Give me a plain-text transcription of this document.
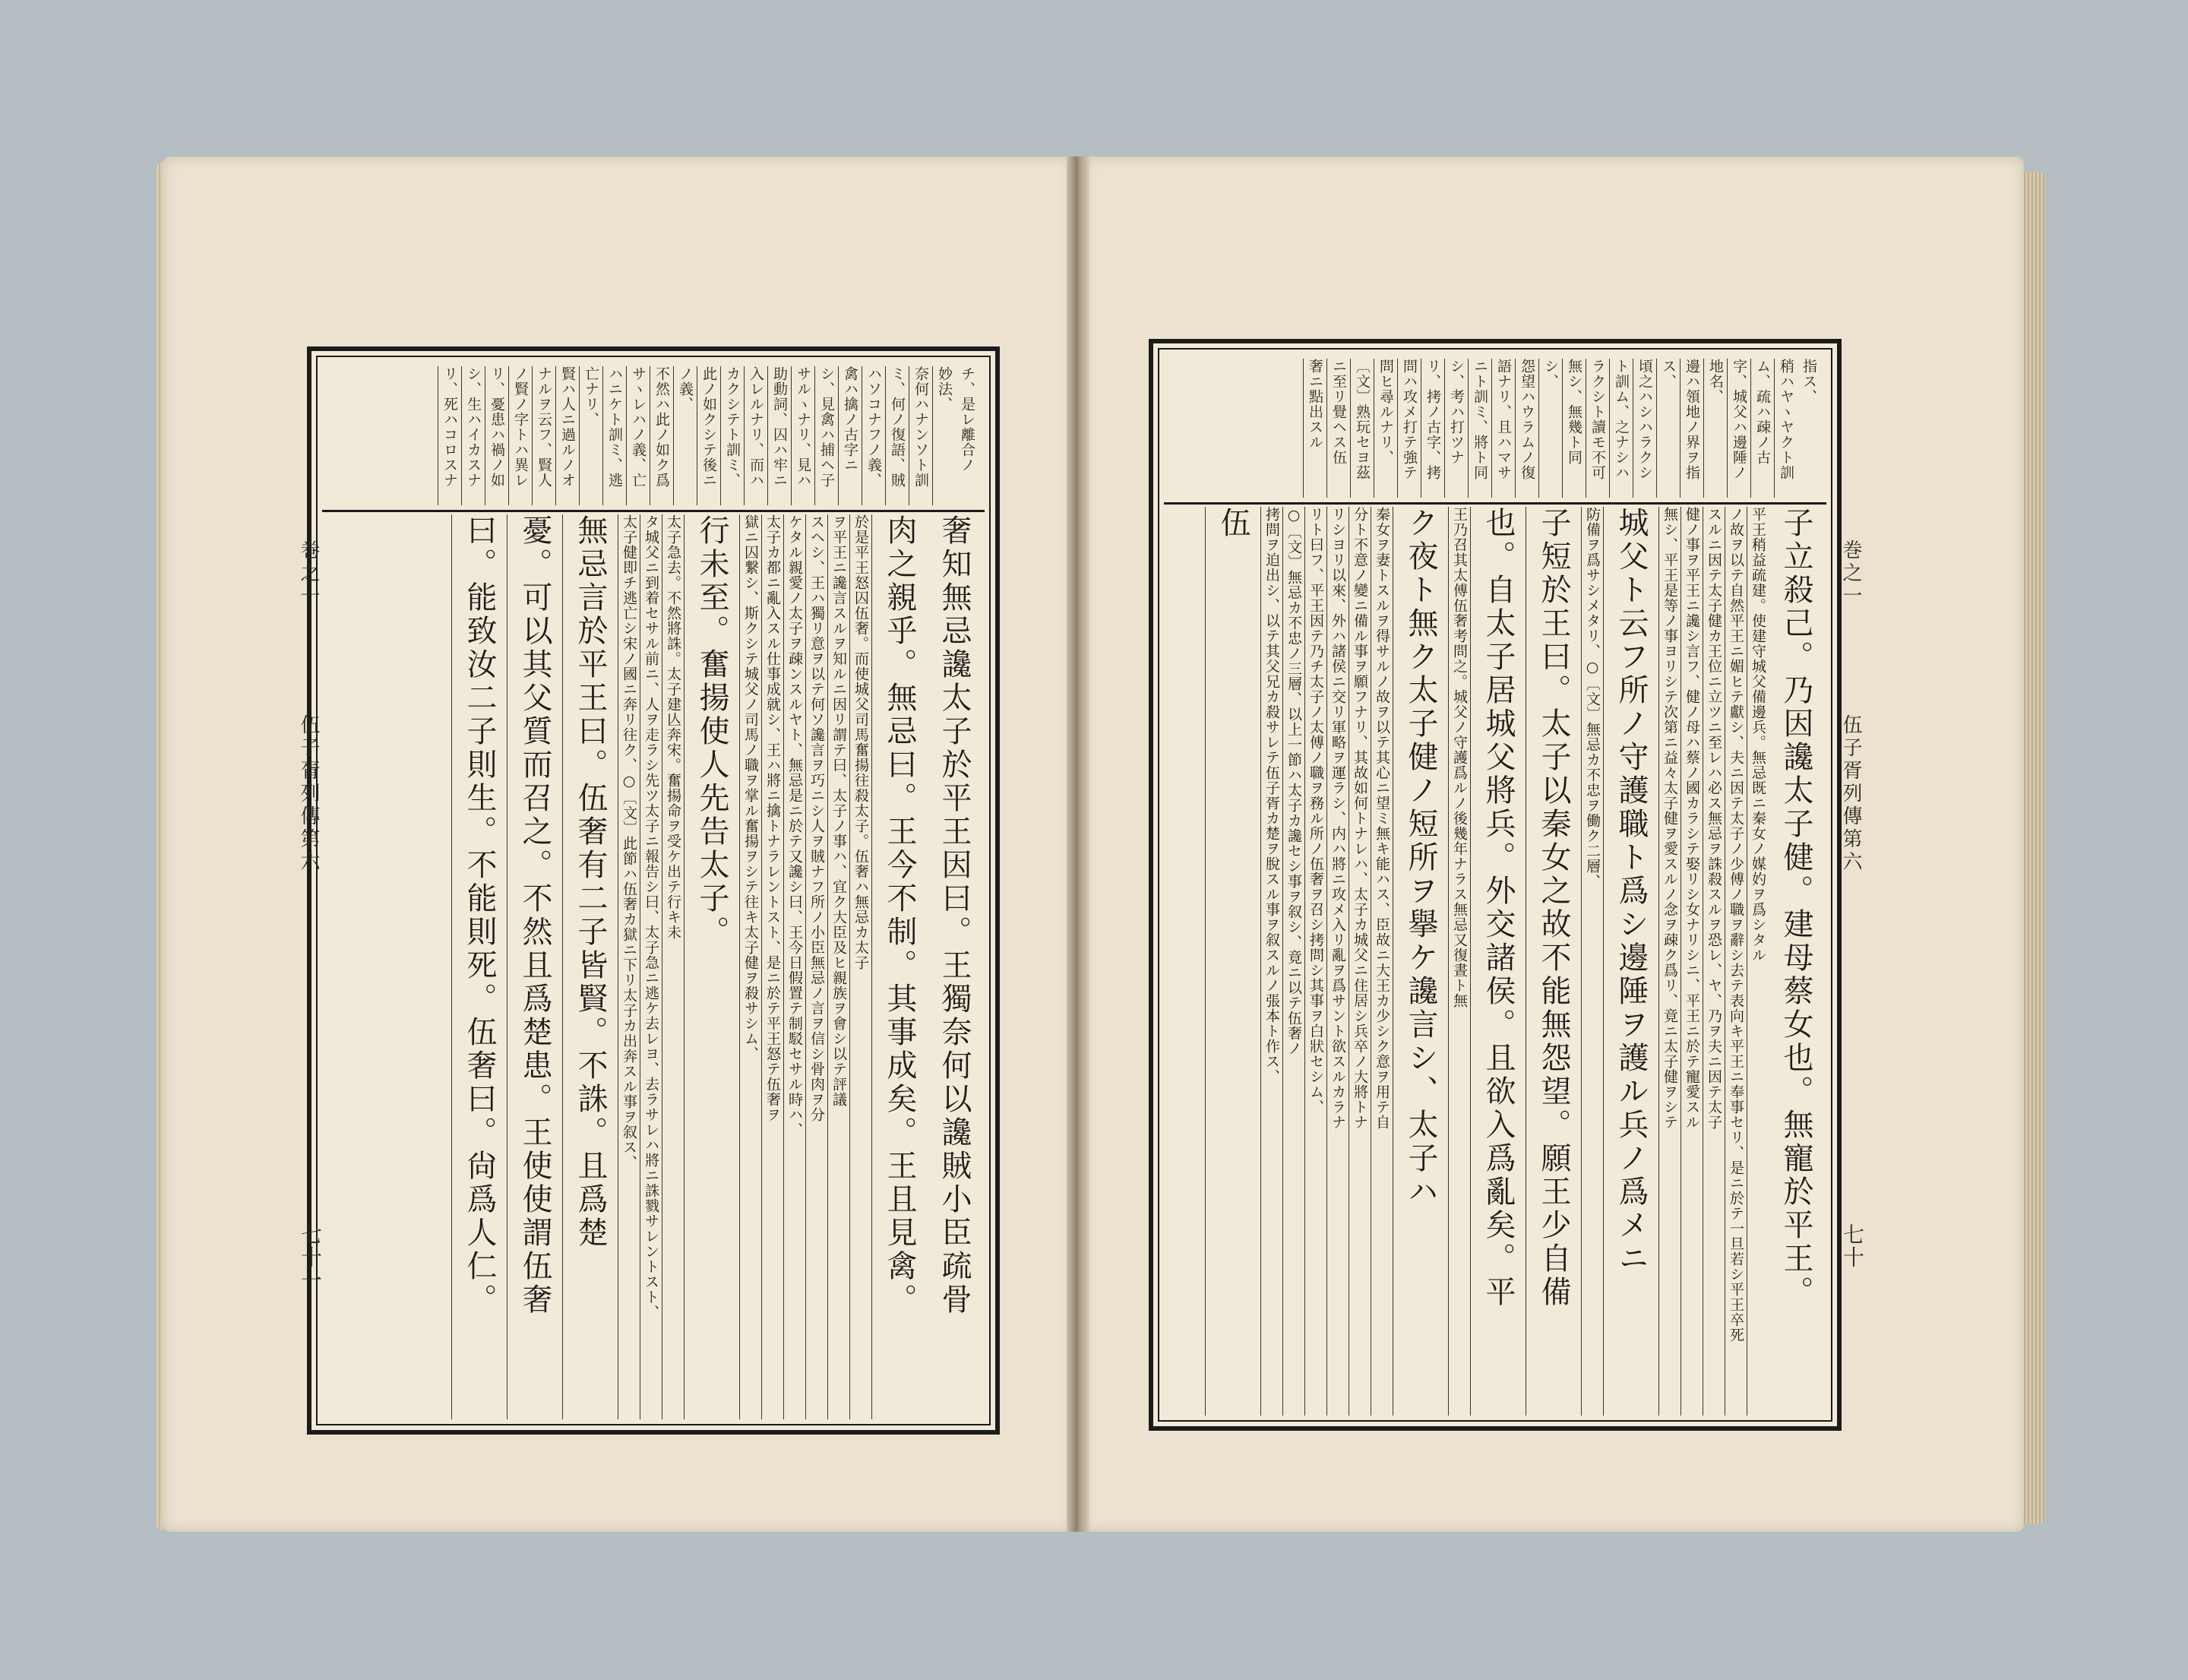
チ、是レ離合ノ
妙法、
奈何ハナンソト訓
ミ、何ノ復語、賊
ハソコナフノ義、
禽ハ擒ノ古字ニ
シ、見禽ハ捕ヘ子
サルヽナリ、見ハ
助動詞、囚ハ牢ニ
入レルナリ、而ハ
カクシテト訓ミ、
此ノ如クシテ後ニ
ノ義、
不然ハ此ノ如ク爲
サヽレハノ義、亡
ハニケト訓ミ、逃
亡ナリ、
賢ハ人ニ過ルノオ
ナルヲ云フ、賢人
ノ賢ノ字トハ異レ
リ、憂患ハ禍ノ如
シ、生ハイカスナ
リ、死ハコロスナ
奢知無忌讒太子於平王因曰。王獨奈何以讒賊小臣疏骨
肉之親乎。無忌曰。王今不制。其事成矣。王且見禽。
於是平王怒囚伍奢。而使城父司馬奮揚往殺太子。伍奢ハ無忌カ太子
ヲ平王ニ讒言スルヲ知ルニ因リ謂テ曰、太子ノ事ハ、宜ク大臣及ヒ親族ヲ會シ以テ評議
スヘシ、王ハ獨リ意ヲ以テ何ソ讒言ヲ巧ニシ人ヲ賊ナフ所ノ小臣無忌ノ言ヲ信シ骨肉ヲ分
ケタル親愛ノ太子ヲ疎ンスルヤト、無忌是ニ於テ又讒シ曰、王今日假置テ制駁セサル時ハ、
太子カ都ニ亂入スル仕事成就シ、王ハ將ニ擒トナラレントスト、是ニ於テ平王怒テ伍奢ヲ
獄ニ囚繋シ、斯クシテ城父ノ司馬ノ職ヲ掌ル奮揚ヲシテ往キ太子健ヲ殺サシム、
行未至。奮揚使人先告太子。
太子急去。不然將誅。太子建亾奔宋。奮揚命ヲ受ケ出テ行キ未
タ城父ニ到着セサル前ニ、人ヲ走ラシ先ツ太子ニ報告シ曰、太子急ニ逃ケ去レヨ、去ラサレハ將ニ誅戮サレントスト、
太子健即チ逃亡シ宋ノ國ニ奔リ往ク、○〔文〕此節ハ伍奢カ獄ニ下リ太子カ出奔スル事ヲ叙ス、
無忌言於平王曰。伍奢有二子皆賢。不誅。且爲楚
憂。可以其父質而召之。不然且爲楚患。王使使謂伍奢
曰。能致汝二子則生。不能則死。伍奢曰。尙爲人仁。
巻之一
伍子胥列傳第六
七十一
指ス、
稍ハヤヽヤクト訓
ム、疏ハ疎ノ古
字、城父ハ邊陲ノ
地名、
邊ハ領地ノ界ヲ指
ス、
頃之ハシハラクシ
ト訓ム、之ナシハ
ラクシト讀モ不可
無シ、無幾ト同
シ、
怨望ハウラムノ復
語ナリ、且ハマサ
ニト訓ミ、將ト同
シ、考ハ打ツナ
リ、拷ノ古字、拷
問ハ攻メ打テ強テ
問ヒ尋ルナリ、
〔文〕熟玩セヨ茲
ニ至リ覺ヘス伍
奢ニ點出スル
子立殺己。乃因讒太子健。建母蔡女也。無寵於平王。
平王稍益疏建。使建守城父備邊兵。無忌既ニ秦女ノ媒妁ヲ爲シタル
ノ故ヲ以テ自然平王ニ媚ヒテ獻シ、夫ニ因テ太子ノ少傅ノ職ヲ辭シ去テ表向キ平王ニ奉事セリ、是ニ於テ一旦若シ平王卒死
スルニ因テ太子健カ王位ニ立ツニ至レハ必ス無忌ヲ誅殺スルヲ恐レ、ヤ、乃ヲ夫ニ因テ太子
健ノ事ヲ平王ニ讒シ言フ、健ノ母ハ蔡ノ國カラシテ娶リシ女ナリシニ、平王ニ於テ寵愛スル
無シ、平王是等ノ事ヨリシテ次第ニ益々太子健ヲ愛スルノ念ヲ疎ク爲リ、竟ニ太子健ヲシテ
城父ト云フ所ノ守護職ト爲シ邊陲ヲ護ル兵ノ爲メニ
防備ヲ爲サシメタリ、○〔文〕無忌カ不忠ヲ働ク二層、
子短於王曰。太子以秦女之故不能無怨望。願王少自備
也。自太子居城父將兵。外交諸侯。且欲入爲亂矣。平
王乃召其太傅伍奢考問之。城父ノ守護爲ルノ後幾年ナラス無忌又復晝ト無
ク夜ト無ク太子健ノ短所ヲ擧ケ讒言シ、太子ハ
秦女ヲ妻トスルヲ得サルノ故ヲ以テ其心ニ望ミ無キ能ハス、臣故ニ大王カ少シク意ヲ用テ自
分ト不意ノ變ニ備ル事ヲ願フナリ、其故如何トナレハ、太子カ城父ニ住居シ兵卒ノ大將トナ
リシヨリ以來、外ハ諸侯ニ交リ軍略ヲ運ラシ、内ハ將ニ攻メ入リ亂ヲ爲サント欲スルカラナ
リト曰フ、平王因テ乃チ太子ノ太傅ノ職ヲ務ル所ノ伍奢ヲ召シ拷問シ其事ヲ白狀セシム、
○〔文〕無忌カ不忠ノ三層、以上一節ハ太子カ讒セシ事ヲ叙シ、竟ニ以テ伍奢ノ
拷問ヲ迫出シ、以テ其父兄カ殺サレテ伍子胥カ楚ヲ脫スル事ヲ叙スルノ張本ト作ス、
伍
巻之一
伍子胥列傳第六
七十
